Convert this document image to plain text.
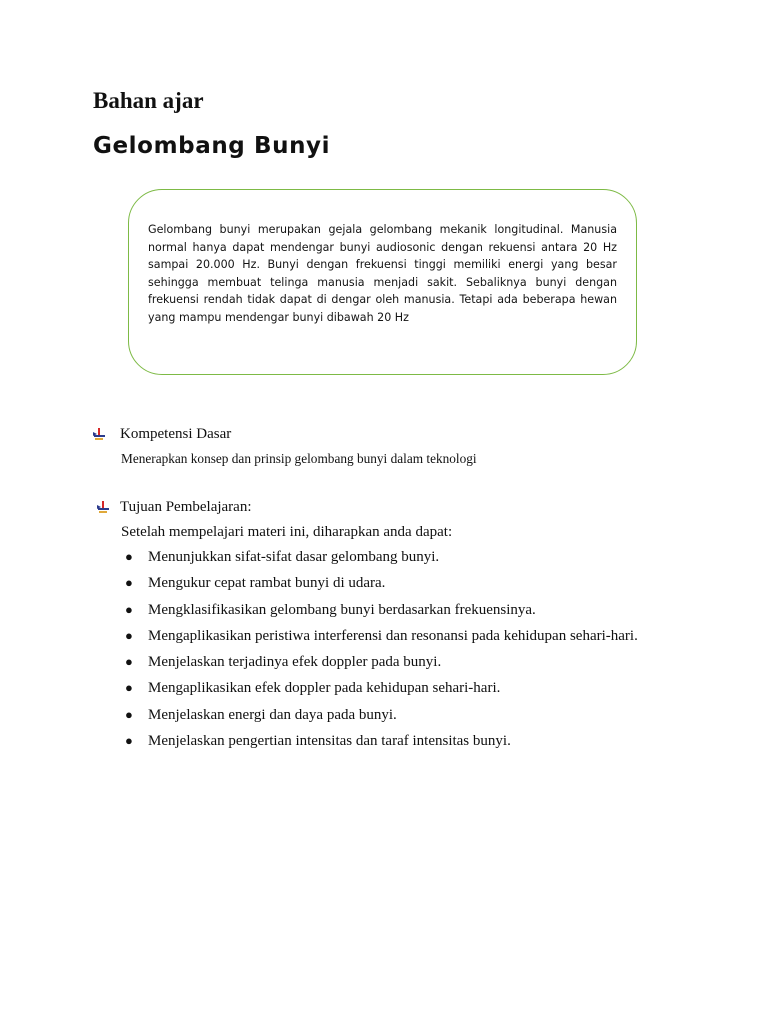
Bahan ajar
Gelombang Bunyi

Gelombang bunyi merupakan gejala gelombang mekanik longitudinal. Manusia normal hanya dapat mendengar bunyi audiosonic dengan rekuensi antara 20 Hz sampai 20.000 Hz. Bunyi dengan frekuensi tinggi memiliki energi yang besar sehingga membuat telinga manusia menjadi sakit. Sebaliknya bunyi dengan frekuensi rendah tidak dapat di dengar oleh manusia. Tetapi ada beberapa hewan yang mampu mendengar bunyi dibawah 20 Hz

Kompetensi Dasar

Menerapkan konsep dan prinsip gelombang bunyi dalam teknologi

Tujuan Pembelajaran:

Setelah mempelajari materi ini, diharapkan anda dapat:

● Menunjukkan sifat-sifat dasar gelombang bunyi.
● Mengukur cepat rambat bunyi di udara.
● Mengklasifikasikan gelombang bunyi berdasarkan frekuensinya.
● Mengaplikasikan peristiwa interferensi dan resonansi pada kehidupan sehari-hari.
● Menjelaskan terjadinya efek doppler pada bunyi.
● Mengaplikasikan efek doppler pada kehidupan sehari-hari.
● Menjelaskan energi dan daya pada bunyi.
● Menjelaskan pengertian intensitas dan taraf intensitas bunyi.
